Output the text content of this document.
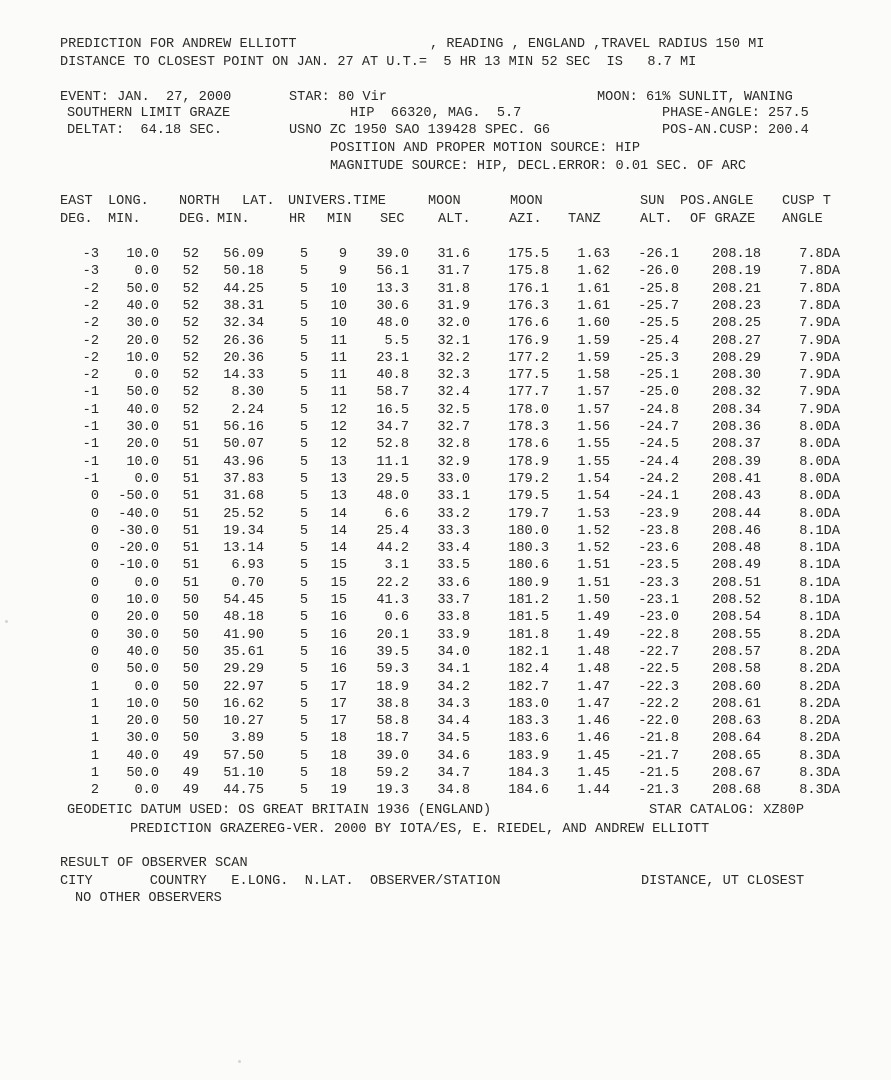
PREDICTION FOR ANDREW ELLIOTT	, READING , ENGLAND ,TRAVEL RADIUS 150 MI
DISTANCE TO CLOSEST POINT ON JAN. 27 AT U.T.=  5 HR 13 MIN 52 SEC  IS   8.7 MI
EVENT: JAN.  27, 2000	STAR: 80 Vir	MOON: 61% SUNLIT, WANING
SOUTHERN LIMIT GRAZE	HIP  66320, MAG.  5.7	PHASE-ANGLE: 257.5
DELTAT:  64.18 SEC.	USNO ZC 1950 SAO 139428 SPEC. G6	POS-AN.CUSP: 200.4
POSITION AND PROPER MOTION SOURCE: HIP
MAGNITUDE SOURCE: HIP, DECL.ERROR: 0.01 SEC. OF ARC
EAST LONG. NORTH LAT. UNIVERS.TIME	MOON	MOON	SUN POS.ANGLE CUSP T
DEG. MIN.	DEG. MIN.	HR MIN SEC ALT.	AZI. TANZ	ALT. OF GRAZE ANGLE
-3 10.0 52 56.09	5 9 39.0 31.6	175.5 1.63 -26.1 208.18	7.8DA
-3	0.0 52 50.18	5 9 56.1 31.7	175.8 1.62 -26.0 208.19	7.8DA
-2 50.0 52 44.25	5 10 13.3 31.8	176.1 1.61 -25.8 208.21	7.8DA
-2 40.0 52 38.31	5 10 30.6 31.9	176.3 1.61 -25.7 208.23	7.8DA
-2 30.0 52 32.34	5 10 48.0 32.0	176.6 1.60 -25.5 208.25	7.9DA
-2 20.0 52 26.36	5 11	5.5 32.1	176.9 1.59 -25.4 208.27	7.9DA
-2 10.0 52 20.36	5 11 23.1 32.2	177.2 1.59 -25.3 208.29	7.9DA
-2	0.0 52 14.33	5 11 40.8 32.3	177.5 1.58 -25.1 208.30	7.9DA
-1 50.0 52 8.30	5 11 58.7 32.4	177.7 1.57 -25.0 208.32	7.9DA
-1 40.0 52 2.24	5 12 16.5 32.5	178.0 1.57 -24.8 208.34	7.9DA
-1 30.0 51 56.16	5 12 34.7 32.7	178.3 1.56 -24.7 208.36	8.0DA
-1 20.0 51 50.07	5 12 52.8 32.8	178.6 1.55 -24.5 208.37	8.0DA
-1 10.0 51 43.96	5 13 11.1 32.9	178.9 1.55 -24.4 208.39	8.0DA
-1	0.0 51 37.83	5 13 29.5 33.0	179.2 1.54 -24.2 208.41	8.0DA
0 -50.0 51 31.68	5 13 48.0 33.1	179.5 1.54 -24.1 208.43	8.0DA
0 -40.0 51 25.52	5 14	6.6 33.2	179.7 1.53 -23.9 208.44	8.0DA
0 -30.0 51 19.34	5 14 25.4 33.3	180.0 1.52 -23.8 208.46	8.1DA
0 -20.0 51 13.14	5 14 44.2 33.4	180.3 1.52 -23.6 208.48	8.1DA
0 -10.0 51 6.93	5 15	3.1 33.5	180.6 1.51 -23.5 208.49	8.1DA
0	0.0 51 0.70	5 15 22.2 33.6	180.9 1.51 -23.3 208.51	8.1DA
0 10.0 50 54.45	5 15 41.3 33.7	181.2 1.50 -23.1 208.52	8.1DA
0 20.0 50 48.18	5 16	0.6 33.8	181.5 1.49 -23.0 208.54	8.1DA
0 30.0 50 41.90	5 16 20.1 33.9	181.8 1.49 -22.8 208.55	8.2DA
0 40.0 50 35.61	5 16 39.5 34.0	182.1 1.48 -22.7 208.57	8.2DA
0 50.0 50 29.29	5 16 59.3 34.1	182.4 1.48 -22.5 208.58	8.2DA
1	0.0 50 22.97	5 17 18.9 34.2	182.7 1.47 -22.3 208.60	8.2DA
1 10.0 50 16.62	5 17 38.8 34.3	183.0 1.47 -22.2 208.61	8.2DA
1 20.0 50 10.27	5 17 58.8 34.4	183.3 1.46 -22.0 208.63	8.2DA
1 30.0 50 3.89	5 18 18.7 34.5	183.6 1.46 -21.8 208.64	8.2DA
1 40.0 49 57.50	5 18 39.0 34.6	183.9 1.45 -21.7 208.65	8.3DA
1 50.0 49 51.10	5 18 59.2 34.7	184.3 1.45 -21.5 208.67	8.3DA
2	0.0 49 44.75	5 19 19.3 34.8	184.6 1.44 -21.3 208.68	8.3DA
GEODETIC DATUM USED: OS GREAT BRITAIN 1936 (ENGLAND)	STAR CATALOG: XZ80P
PREDICTION GRAZEREG-VER. 2000 BY IOTA/ES, E. RIEDEL, AND ANDREW ELLIOTT
RESULT OF OBSERVER SCAN
CITY       COUNTRY   E.LONG.  N.LAT.  OBSERVER/STATION	DISTANCE, UT CLOSEST
NO OTHER OBSERVERS
